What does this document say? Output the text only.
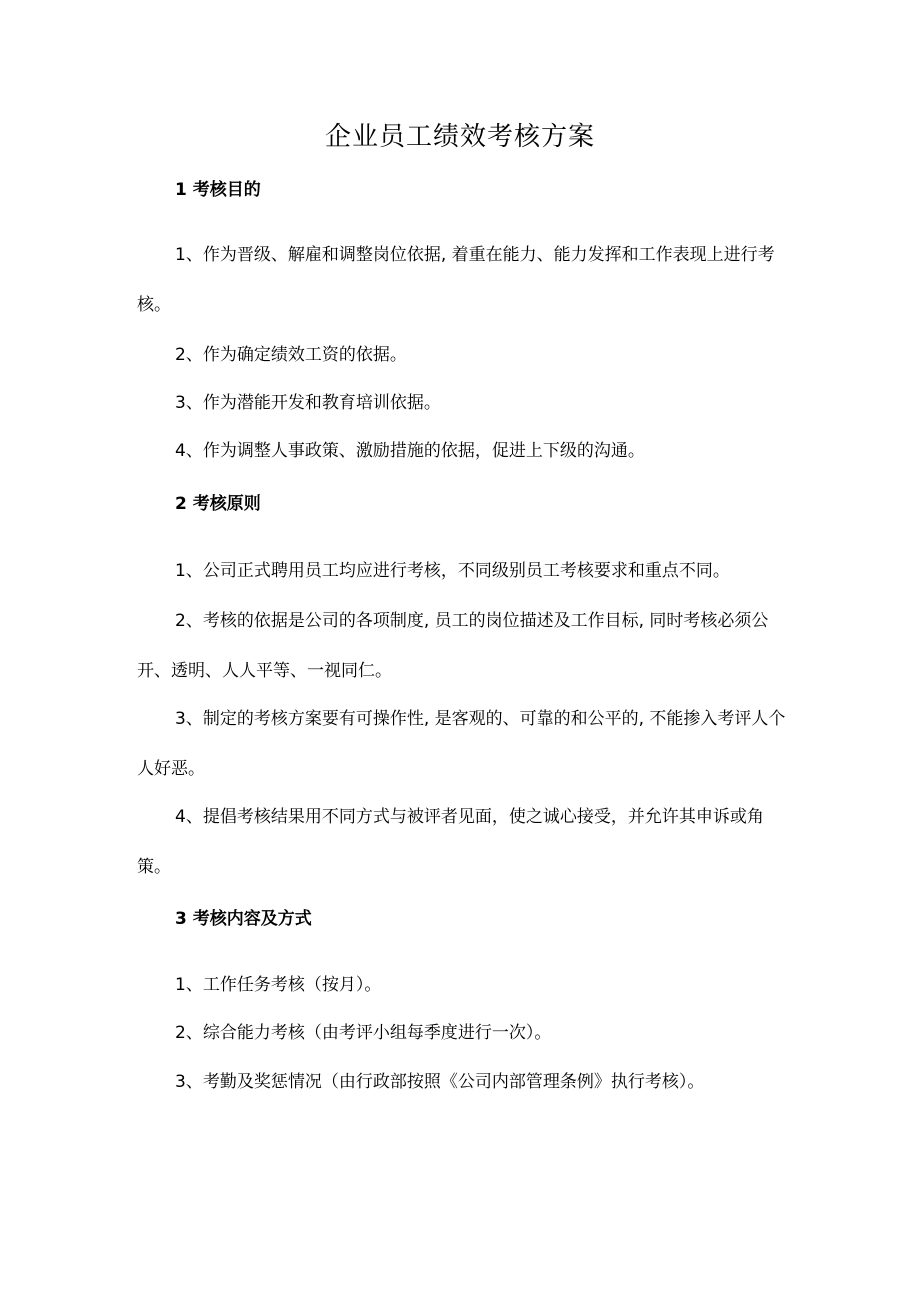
企业员工绩效考核方案
1 考核目的
1、作为晋级、解雇和调整岗位依据, 着重在能力、能力发挥和工作表现上进行考核。
2、作为确定绩效工资的依据。
3、作为潜能开发和教育培训依据。
4、作为调整人事政策、激励措施的依据，促进上下级的沟通。
2 考核原则
1、公司正式聘用员工均应进行考核，不同级别员工考核要求和重点不同。
2、考核的依据是公司的各项制度, 员工的岗位描述及工作目标, 同时考核必须公开、透明、人人平等、一视同仁。
3、制定的考核方案要有可操作性, 是客观的、可靠的和公平的, 不能掺入考评人个人好恶。
4、提倡考核结果用不同方式与被评者见面，使之诚心接受，并允许其申诉或角策。
3 考核内容及方式
1、工作任务考核（按月）。
2、综合能力考核（由考评小组每季度进行一次）。
3、考勤及奖惩情况（由行政部按照《公司内部管理条例》执行考核）。
